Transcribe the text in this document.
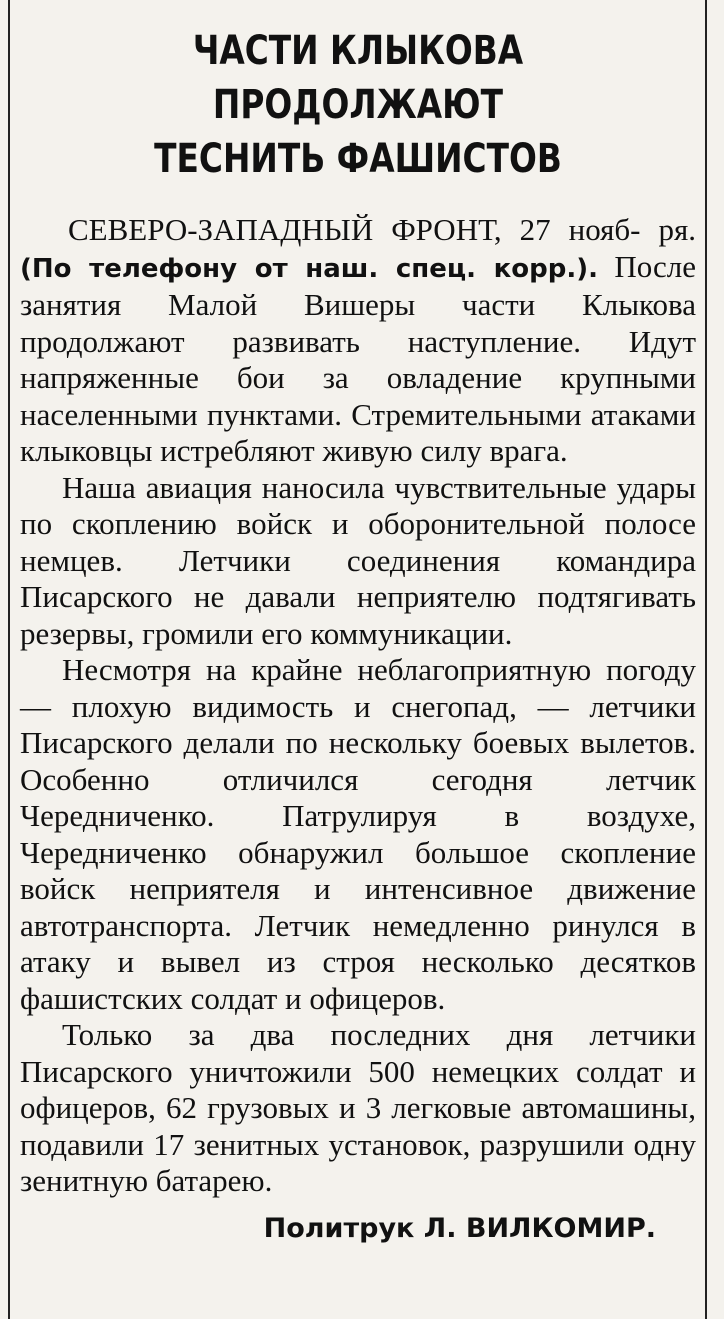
ЧАСТИ КЛЫКОВА ПРОДОЛЖАЮТ
ТЕСНИТЬ ФАШИСТОВ

СЕВЕРО-ЗАПАДНЫЙ ФРОНТ, 27 нояб- ря. (По телефону от наш. спец. корр.). После занятия Малой Вишеры части Клыкова продолжают развивать наступление. Идут напряженные бои за овладение крупными населенными пунктами. Стремительными атаками клыковцы истребляют живую силу врага.

Наша авиация наносила чувствительные удары по скоплению войск и оборонительной полосе немцев. Летчики соединения командира Писарского не давали неприятелю подтягивать резервы, громили его коммуникации.

Несмотря на крайне неблагоприятную погоду — плохую видимость и снегопад, — летчики Писарского делали по нескольку боевых вылетов. Особенно отличился сегодня летчик Чередниченко. Патрулируя в воздухе, Чередниченко обнаружил большое скопление войск неприятеля и интенсивное движение автотранспорта. Летчик немедленно ринулся в атаку и вывел из строя несколько десятков фашистских солдат и офицеров.

Только за два последних дня летчики Писарского уничтожили 500 немецких солдат и офицеров, 62 грузовых и 3 легковые автомашины, подавили 17 зенитных установок, разрушили одну зенитную батарею.

Политрук Л. ВИЛКОМИР.
